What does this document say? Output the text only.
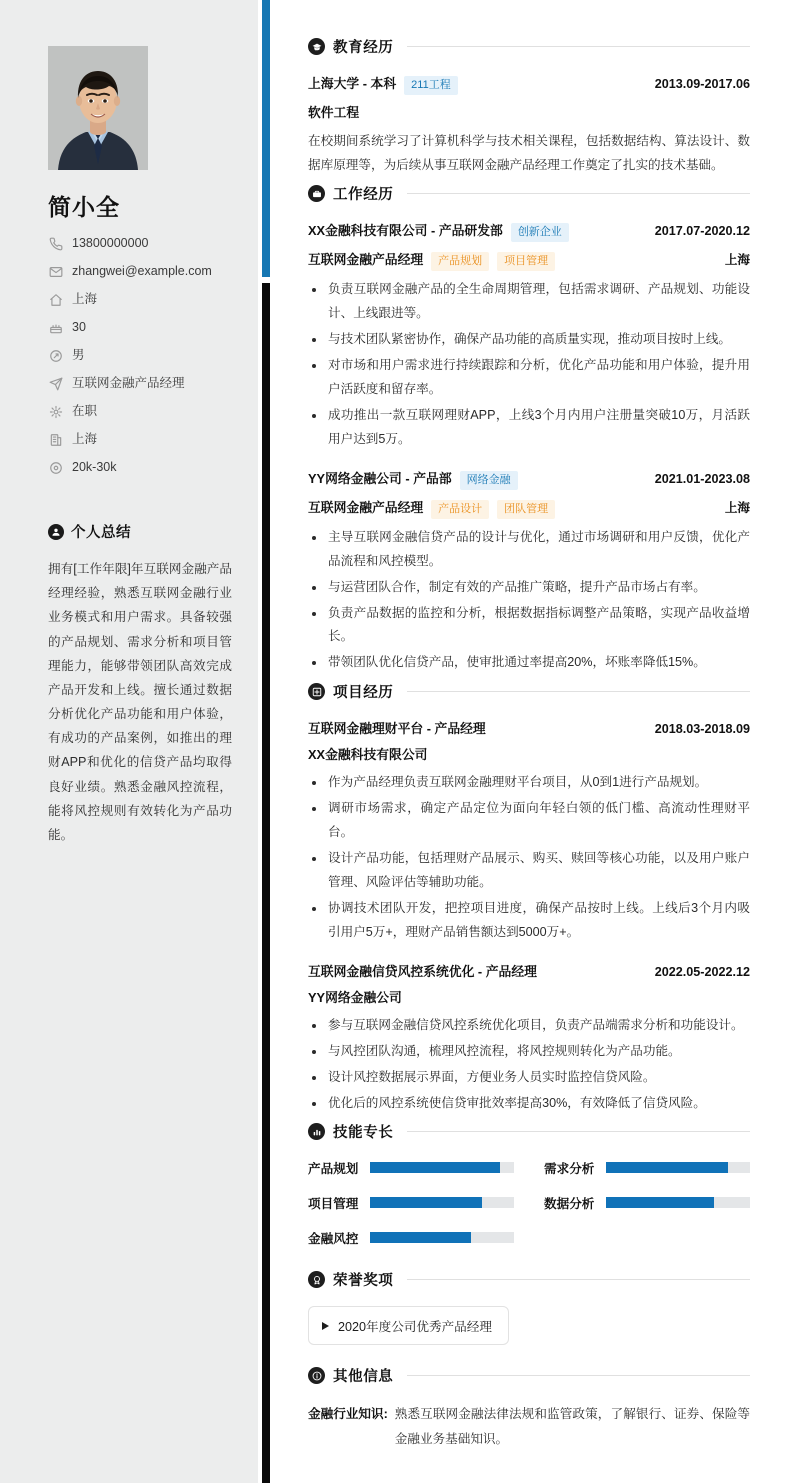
简小全
13800000000
zhangwei@example.com
上海
30
男
互联网金融产品经理
在职
上海
20k-30k
个人总结

拥有[工作年限]年互联网金融产品经理经验，熟悉互联网金融行业业务模式和用户需求。具备较强的产品规划、需求分析和项目管理能力，能够带领团队高效完成产品开发和上线。擅长通过数据分析优化产品功能和用户体验，有成功的产品案例，如推出的理财APP和优化的信贷产品均取得良好业绩。熟悉金融风控流程，能将风控规则有效转化为产品功能。

教育经历
上海大学 - 本科	211工程	2013.09-2017.06
软件工程

在校期间系统学习了计算机科学与技术相关课程，包括数据结构、算法设计、数据库原理等，为后续从事互联网金融产品经理工作奠定了扎实的技术基础。

工作经历
XX金融科技有限公司 - 产品研发部	创新企业	2017.07-2020.12
互联网金融产品经理	产品规划	项目管理	上海
负责互联网金融产品的全生命周期管理，包括需求调研、产品规划、功能设计、上线跟进等。
与技术团队紧密协作，确保产品功能的高质量实现，推动项目按时上线。
对市场和用户需求进行持续跟踪和分析，优化产品功能和用户体验，提升用户活跃度和留存率。
成功推出一款互联网理财APP，上线3个月内用户注册量突破10万，月活跃用户达到5万。
YY网络金融公司 - 产品部	网络金融	2021.01-2023.08
互联网金融产品经理	产品设计	团队管理	上海
主导互联网金融信贷产品的设计与优化，通过市场调研和用户反馈，优化产品流程和风控模型。
与运营团队合作，制定有效的产品推广策略，提升产品市场占有率。
负责产品数据的监控和分析，根据数据指标调整产品策略，实现产品收益增长。
带领团队优化信贷产品，使审批通过率提高20%，坏账率降低15%。
项目经历
互联网金融理财平台 - 产品经理	2018.03-2018.09
XX金融科技有限公司
作为产品经理负责互联网金融理财平台项目，从0到1进行产品规划。
调研市场需求，确定产品定位为面向年轻白领的低门槛、高流动性理财平台。
设计产品功能，包括理财产品展示、购买、赎回等核心功能，以及用户账户管理、风险评估等辅助功能。
协调技术团队开发，把控项目进度，确保产品按时上线。上线后3个月内吸引用户5万+，理财产品销售额达到5000万+。
互联网金融信贷风控系统优化 - 产品经理	2022.05-2022.12
YY网络金融公司
参与互联网金融信贷风控系统优化项目，负责产品端需求分析和功能设计。
与风控团队沟通，梳理风控流程，将风控规则转化为产品功能。
设计风控数据展示界面，方便业务人员实时监控信贷风险。
优化后的风控系统使信贷审批效率提高30%，有效降低了信贷风险。
技能专长
产品规划	需求分析
项目管理	数据分析
金融风控
荣誉奖项
2020年度公司优秀产品经理
其他信息
金融行业知识: 熟悉互联网金融法律法规和监管政策，了解银行、证券、保险等金融业务基础知识。
